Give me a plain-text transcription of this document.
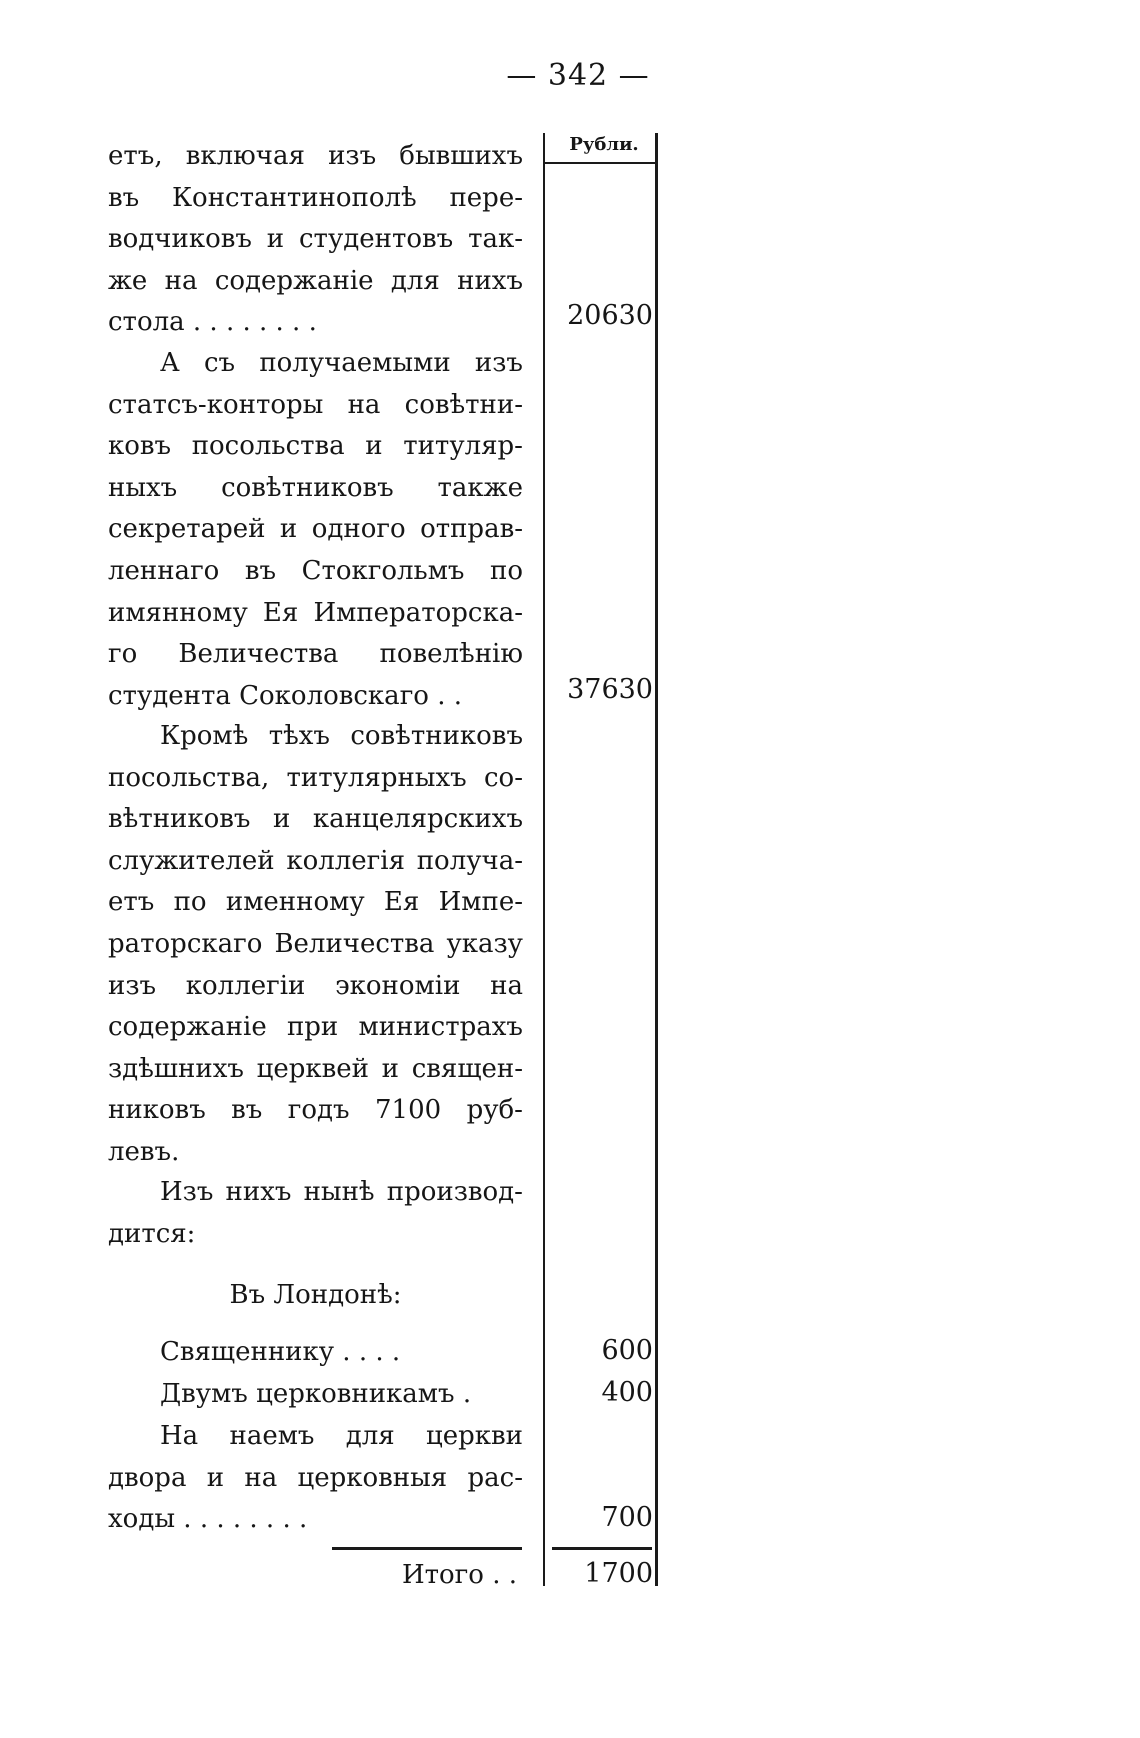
— 342 —
Рубли.
етъ, включая изъ бывшихъ
въ Константинополѣ пере-
водчиковъ и студентовъ так-
же на содержаніе для нихъ
стола . . . . . . . .	20630
А съ получаемыми изъ
статсъ-конторы на совѣтни-
ковъ посольства и титуляр-
ныхъ совѣтниковъ также
секретарей и одного отправ-
леннаго въ Стокгольмъ по
имянному Ея Императорска-
го Величества повелѣнію
студента Соколовскаго . .	37630
Кромѣ тѣхъ совѣтниковъ
посольства, титулярныхъ со-
вѣтниковъ и канцелярскихъ
служителей коллегія получа-
етъ по именному Ея Импе-
раторскаго Величества указу
изъ коллегіи экономіи на
содержаніе при министрахъ
здѣшнихъ церквей и священ-
никовъ въ годъ 7100 руб-
левъ.
Изъ нихъ нынѣ производ-
дится:
Въ Лондонѣ:
Священнику . . . .	600
Двумъ церковникамъ .	400
На наемъ для церкви
двора и на церковныя рас-
ходы . . . . . . . .	700
Итого . .	1700
